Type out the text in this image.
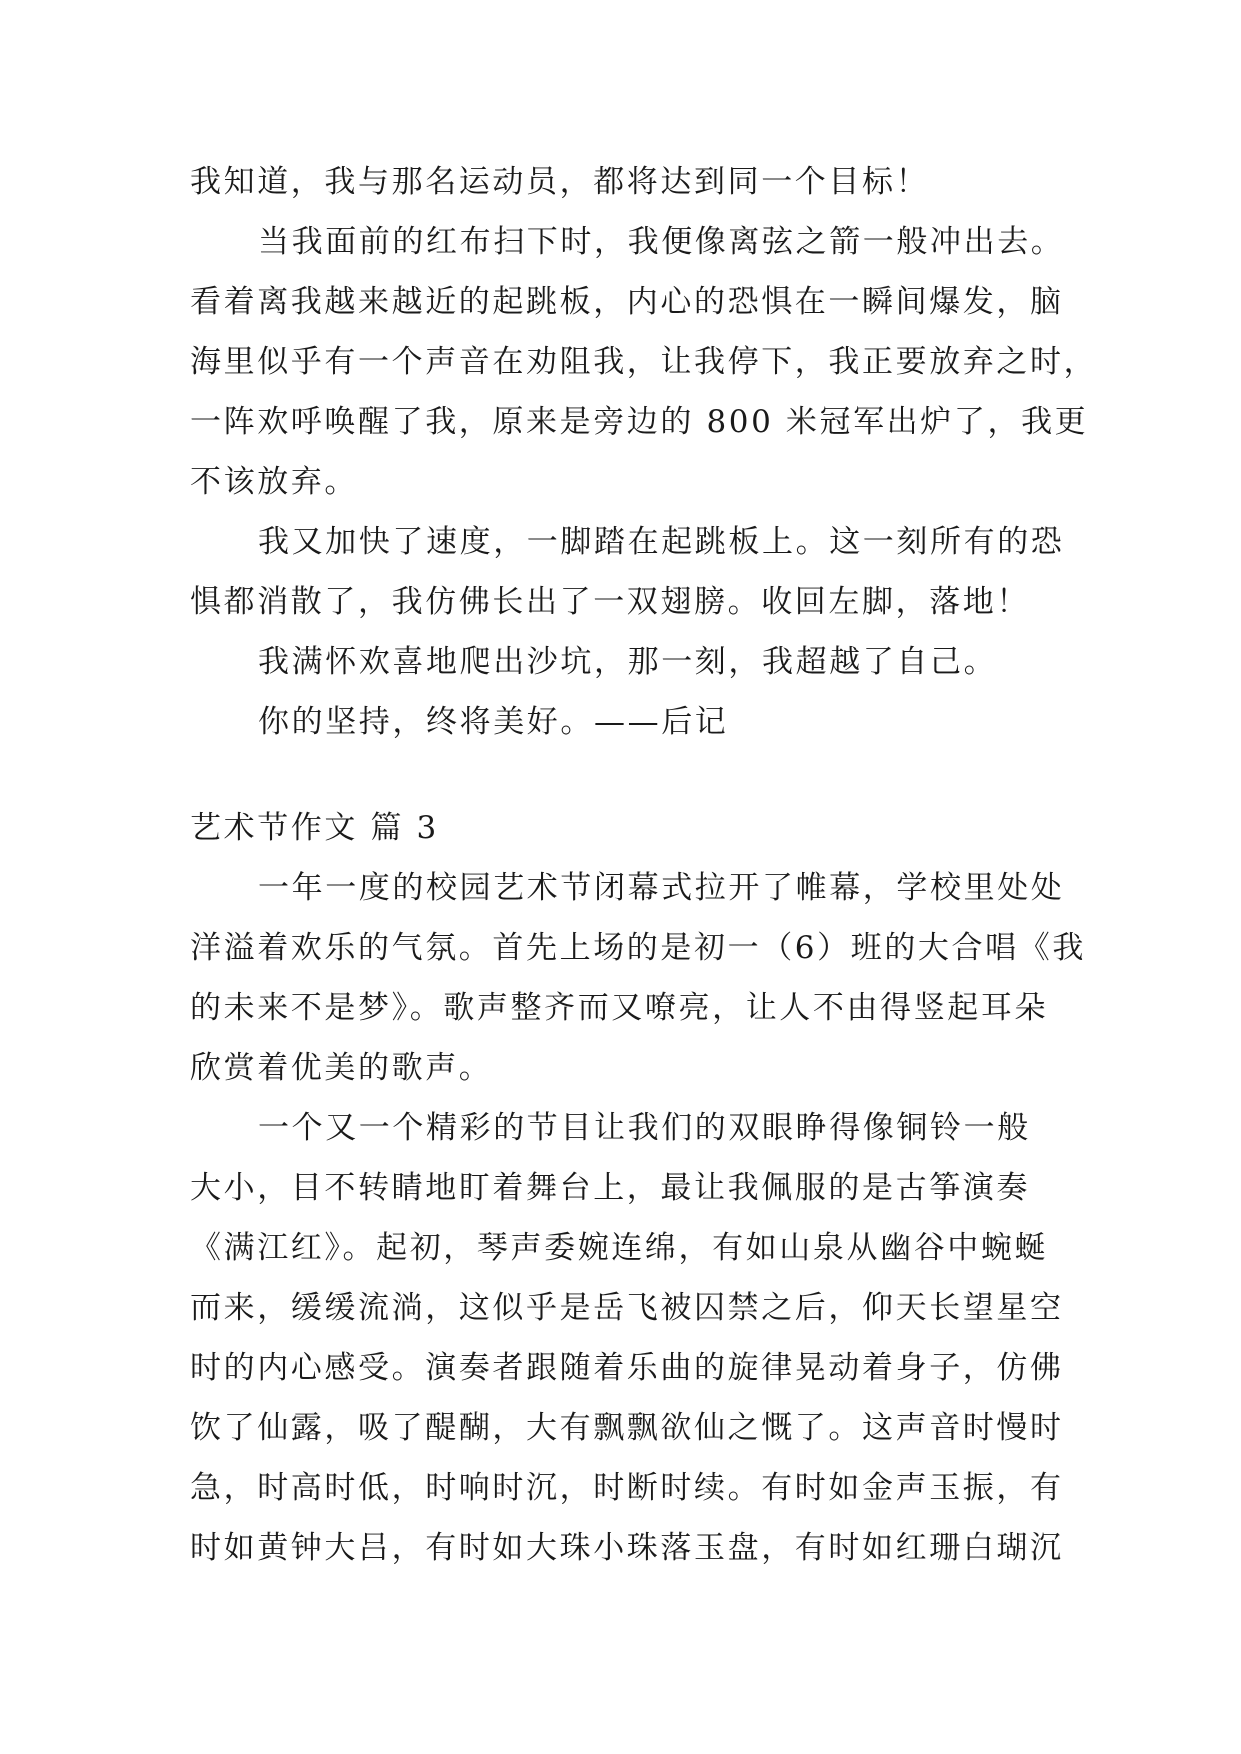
我知道，我与那名运动员，都将达到同一个目标！
当我面前的红布扫下时，我便像离弦之箭一般冲出去。
看着离我越来越近的起跳板，内心的恐惧在一瞬间爆发，脑
海里似乎有一个声音在劝阻我，让我停下，我正要放弃之时，
一阵欢呼唤醒了我，原来是旁边的 800 米冠军出炉了，我更
不该放弃。
我又加快了速度，一脚踏在起跳板上。这一刻所有的恐
惧都消散了，我仿佛长出了一双翅膀。收回左脚，落地！
我满怀欢喜地爬出沙坑，那一刻，我超越了自己。
你的坚持，终将美好。——后记
艺术节作文 篇 3
一年一度的校园艺术节闭幕式拉开了帷幕，学校里处处
洋溢着欢乐的气氛。首先上场的是初一（6）班的大合唱《我
的未来不是梦》。歌声整齐而又嘹亮，让人不由得竖起耳朵
欣赏着优美的歌声。
一个又一个精彩的节目让我们的双眼睁得像铜铃一般
大小，目不转睛地盯着舞台上，最让我佩服的是古筝演奏
《满江红》。起初，琴声委婉连绵，有如山泉从幽谷中蜿蜒
而来，缓缓流淌，这似乎是岳飞被囚禁之后，仰天长望星空
时的内心感受。演奏者跟随着乐曲的旋律晃动着身子，仿佛
饮了仙露，吸了醍醐，大有飘飘欲仙之慨了。这声音时慢时
急，时高时低，时响时沉，时断时续。有时如金声玉振，有
时如黄钟大吕，有时如大珠小珠落玉盘，有时如红珊白瑚沉
